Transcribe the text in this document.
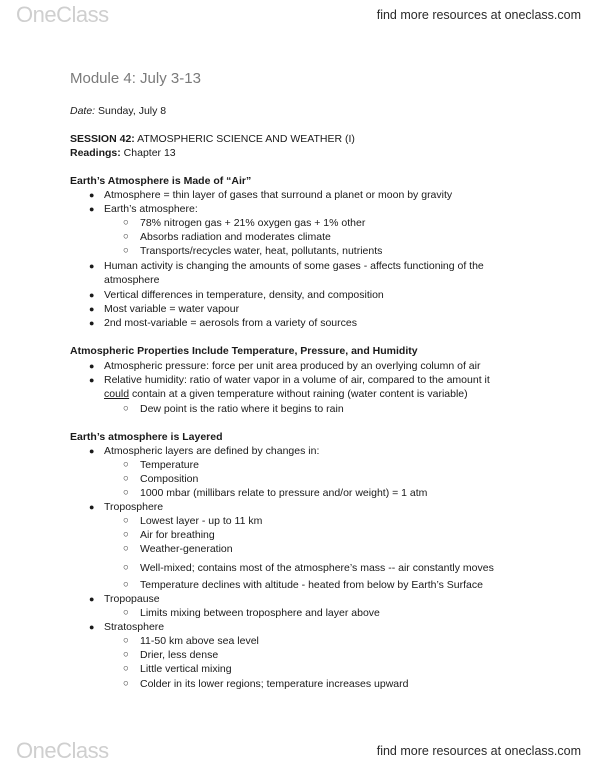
OneClass	find more resources at oneclass.com
Module 4: July 3-13
Date: Sunday, July 8
SESSION 42: ATMOSPHERIC SCIENCE AND WEATHER (I)
Readings: Chapter 13
Earth’s Atmosphere is Made of “Air”
● Atmosphere = thin layer of gases that surround a planet or moon by gravity
● Earth’s atmosphere:
○ 78% nitrogen gas + 21% oxygen gas + 1% other
○ Absorbs radiation and moderates climate
○ Transports/recycles water, heat, pollutants, nutrients
● Human activity is changing the amounts of some gases - affects functioning of the
atmosphere
● Vertical differences in temperature, density, and composition
● Most variable = water vapour
● 2nd most-variable = aerosols from a variety of sources
Atmospheric Properties Include Temperature, Pressure, and Humidity
● Atmospheric pressure: force per unit area produced by an overlying column of air
● Relative humidity: ratio of water vapor in a volume of air, compared to the amount it
could contain at a given temperature without raining (water content is variable)
○ Dew point is the ratio where it begins to rain
Earth’s atmosphere is Layered
● Atmospheric layers are defined by changes in:
○ Temperature
○ Composition
○ 1000 mbar (millibars relate to pressure and/or weight) = 1 atm
● Troposphere
○ Lowest layer - up to 11 km
○ Air for breathing
○ Weather-generation
○ Well-mixed; contains most of the atmosphere’s mass -- air constantly moves
○ Temperature declines with altitude - heated from below by Earth’s Surface
● Tropopause
○ Limits mixing between troposphere and layer above
● Stratosphere
○ 11-50 km above sea level
○ Drier, less dense
○ Little vertical mixing
○ Colder in its lower regions; temperature increases upward
OneClass	find more resources at oneclass.com
